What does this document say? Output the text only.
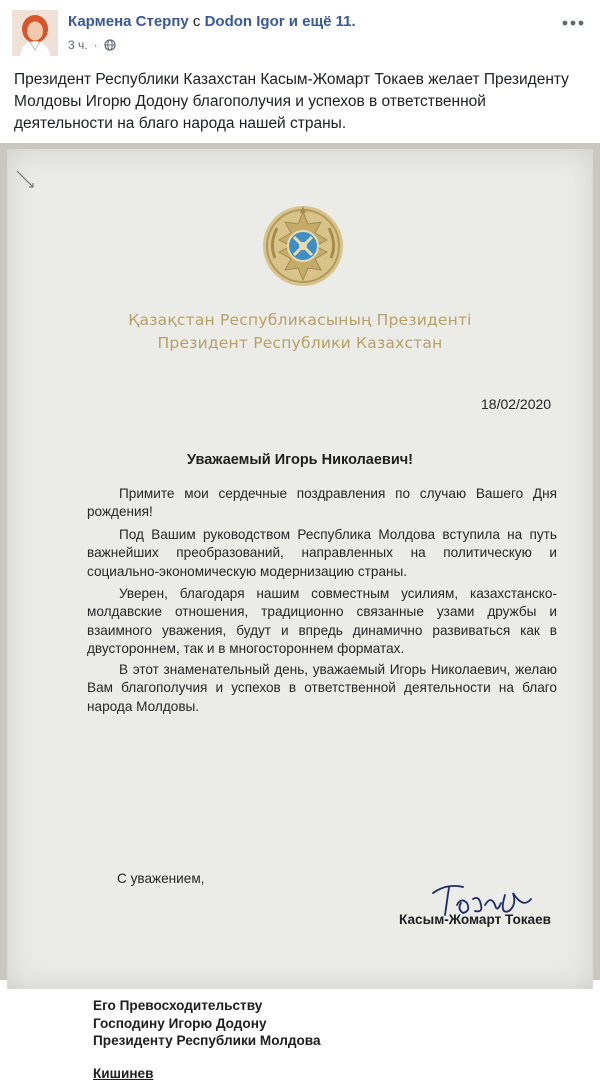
Кармена Стерпу с Dodon Igor и ещё 11.
3 ч. ·
Президент Республики Казахстан Касым-Жомарт Токаев желает Президенту Молдовы Игорю Додону благополучия и успехов в ответственной деятельности на благо народа нашей страны.
Қазақстан Республикасының Президенті
Президент Республики Казахстан
18/02/2020
Уважаемый Игорь Николаевич!
Примите мои сердечные поздравления по случаю Вашего Дня рождения!
Под Вашим руководством Республика Молдова вступила на путь важнейших преобразований, направленных на политическую и социально-экономическую модернизацию страны.
Уверен, благодаря нашим совместным усилиям, казахстанско-молдавские отношения, традиционно связанные узами дружбы и взаимного уважения, будут и впредь динамично развиваться как в двустороннем, так и в многостороннем форматах.
В этот знаменательный день, уважаемый Игорь Николаевич, желаю Вам благополучия и успехов в ответственной деятельности на благо народа Молдовы.
С уважением,
Касым-Жомарт Токаев
Его Превосходительству
Господину Игорю Додону
Президенту Республики Молдова
Кишинев
